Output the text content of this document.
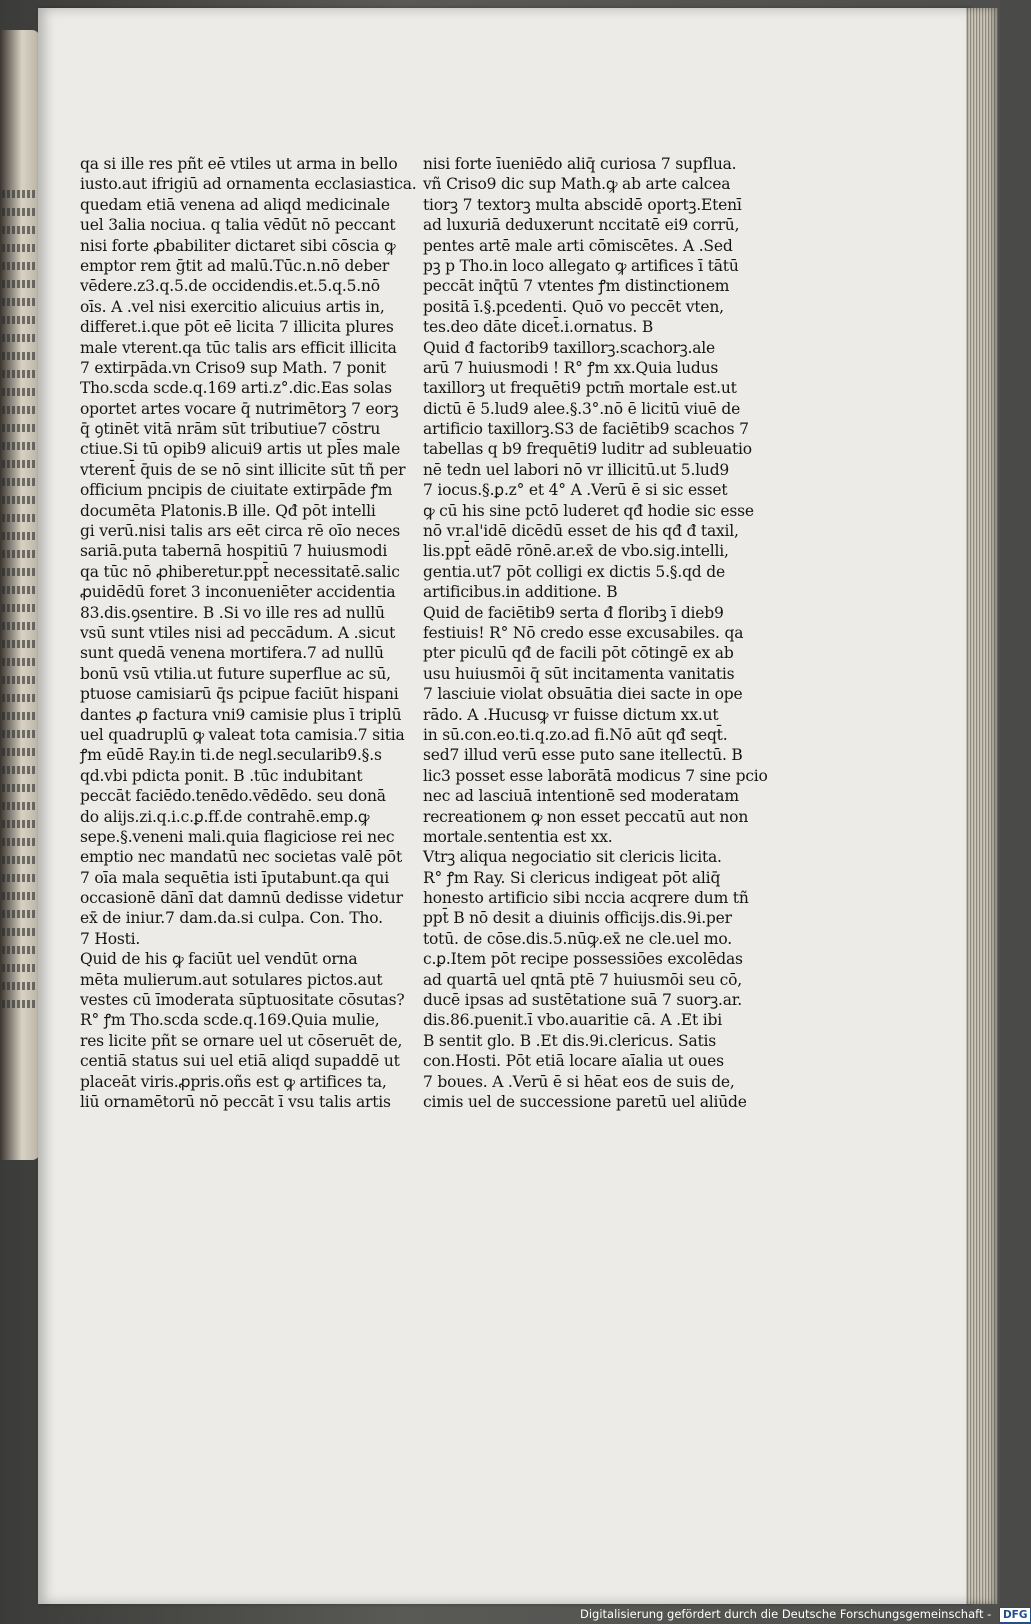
qa si ille res pñt eē vtiles ut arma in bello
iusto.aut ifrigiū ad ornamenta ecclasiastica.
quedam etiā venena ad aliqd medicinale
uel 3alia nociua. q talia vēdūt nō peccant
nisi forte ꝓbabiliter dictaret sibi cōscia ꝙ
emptor rem ḡtit ad malū.Tūc.n.nō deber
vēdere.z3.q.5.de occidendis.et.5.q.5.nō
oīs. A .vel nisi exercitio alicuius artis in,
differet.i.que pōt eē licita 7 illicita plures
male vterent.qa tūc talis ars efficit illicita
7 extirpāda.vn Criso9 sup Math. 7 ponit
Tho.scda scde.q.169 arti.z°.dic.Eas solas
oportet artes vocare q̄ nutrimētorꝫ 7 eorꝫ
q̄ ꝯtinēt vitā nrām sūt tributiue7 cōstru
ctiue.Si tū opib9 alicui9 artis ut pl̄es male
vterent̄ q̄uis de se nō sint illicite sūt tñ per
officium pncipis de ciuitate extirpāde ꝭm
documēta Platonis.B ille. Qđ pōt intelli
gi verū.nisi talis ars eēt circa rē oīo neces
sariā.puta tabernā hospitiū 7 huiusmodi
qa tūc nō ꝓhiberetur.ppt̄ necessitatē.salic
ꝓuidēdū foret 3 inconueniēter accidentia
83.dis.ꝯsentire. B .Si vo ille res ad nullū
vsū sunt vtiles nisi ad peccādum. A .sicut
sunt quedā venena mortifera.7 ad nullū
bonū vsū vtilia.ut future superflue ac sū,
ptuose camisiarū q̄s pcipue faciūt hispani
dantes ꝓ factura vni9 camisie plus ī triplū
uel quadruplū ꝙ valeat tota camisia.7 sitia
ꝭm eūdē Ray.in ti.de negl.secularib9.§.s
qd.vbi pdicta ponit. B .tūc indubitant
peccāt faciēdo.tenēdo.vēdēdo. seu donā
do alijs.zi.q.i.c.ꝑ.ff.de contrahē.emp.ꝙ
sepe.§.veneni mali.quia flagiciose rei nec
emptio nec mandatū nec societas valē pōt
7 oīa mala sequētia isti īputabunt.qa qui
occasionē dānī dat damnū dedisse videtur
ex̄ de iniur.7 dam.da.si culpa. Con. Tho.
7 Hosti.
Quid de his ꝙ faciūt uel vendūt orna
mēta mulierum.aut sotulares pictos.aut
vestes cū īmoderata sūptuositate cōsutas?
R° ꝭm Tho.scda scde.q.169.Quia mulie,
res licite pñt se ornare uel ut cōseruēt de,
centiā status sui uel etiā aliqd supaddē ut
placeāt viris.ꝓpris.oñs est ꝙ artifices ta,
liū ornamētorū nō peccāt ī vsu talis artis
nisi forte īueniēdo aliq̄ curiosa 7 supflua.
vñ Criso9 dic sup Math.ꝙ ab arte calcea
tiorꝫ 7 textorꝫ multa abscidē oportꝫ.Etenī
ad luxuriā deduxerunt nccitatē ei9 corrū,
pentes artē male arti cōmiscētes. A .Sed
pꝫ p Tho.in loco allegato ꝙ artifices ī tātū
peccāt inq̄tū 7 vtentes ꝭm distinctionem
positā ī.§.pcedenti. Quō vo peccēt vten,
tes.deo dāte dicet̄.i.ornatus. B
Quid đ factorib9 taxillorꝫ.scachorꝫ.ale
arū 7 huiusmodi ! R° ꝭm xx.Quia ludus
taxillorꝫ ut frequēti9 pctm̄ mortale est.ut
dictū ē 5.lud9 alee.§.3°.nō ē licitū viuē de
artificio taxillorꝫ.S3 de faciētib9 scachos 7
tabellas q b9 frequēti9 luditr ad subleuatio
nē tedn uel labori nō vr illicitū.ut 5.lud9
7 iocus.§.ꝑ.z° et 4° A .Verū ē si sic esset
ꝙ cū his sine pctō luderet qđ hodie sic esse
nō vr.al'idē dicēdū esset de his qđ đ taxil,
lis.ppt̄ eādē rōnē.ar.ex̄ de vbo.sig.intelli,
gentia.ut7 pōt colligi ex dictis 5.§.qd de
artificibus.in additione. B
Quid de faciētib9 serta đ floribꝫ ī dieb9
festiuis! R° Nō credo esse excusabiles. qa
pter piculū qđ de facili pōt cōtingē ex ab
usu huiusmōi q̄ sūt incitamenta vanitatis
7 lasciuie violat obsuātia diei sacte in ope
rādo. A .Hucusꝙ vr fuisse dictum xx.ut
in sū.con.eo.ti.q.zo.ad fi.Nō aūt qđ seqt̄.
sed7 illud verū esse puto sane itellectū. B
lic3 posset esse laborātā modicus 7 sine pcio
nec ad lasciuā intentionē sed moderatam
recreationem ꝙ non esset peccatū aut non
mortale.sententia est xx.
Vtrꝫ aliqua negociatio sit clericis licita.
R° ꝭm Ray. Si clericus indigeat pōt aliq̄
honesto artificio sibi nccia acqrere dum tñ
ppt̄ B nō desit a diuinis officijs.dis.9i.per
totū. de cōse.dis.5.nūꝙ.ex̄ ne cle.uel mo.
c.ꝑ.Item pōt recipe possessiōes excolēdas
ad quartā uel qntā ptē 7 huiusmōi seu cō,
ducē ipsas ad sustētatione suā 7 suorꝫ.ar.
dis.86.puenit.ī vbo.auaritie cā. A .Et ibi
B sentit glo. B .Et dis.9i.clericus. Satis
con.Hosti. Pōt etiā locare aīalia ut oues
7 boues. A .Verū ē si hēat eos de suis de,
cimis uel de successione paretū uel aliūde
Digitalisierung gefördert durch die Deutsche Forschungsgemeinschaft - DFG
